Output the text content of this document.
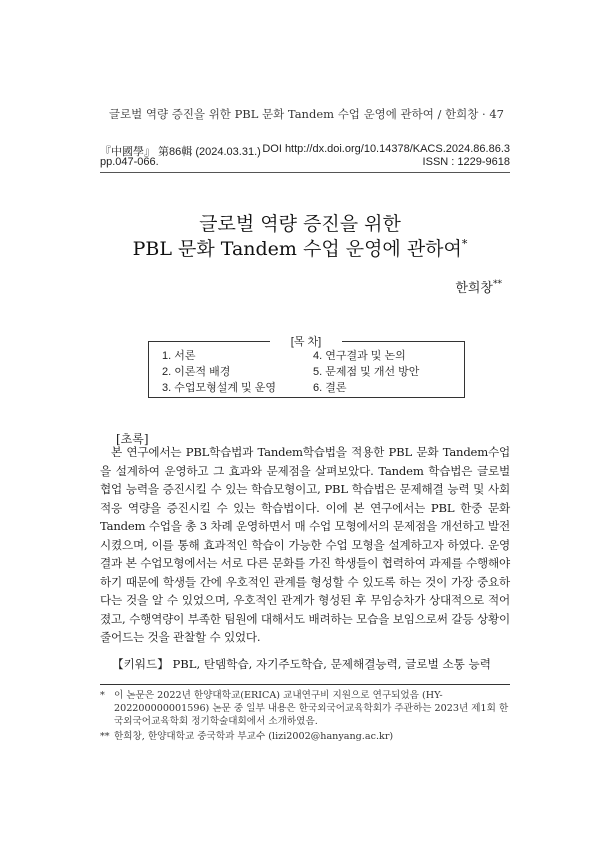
글로벌 역량 증진을 위한 PBL 문화 Tandem 수업 운영에 관하여 / 한희창 · 47
『中國學』 第86輯 (2024.03.31.) DOI http://dx.doi.org/10.14378/KACS.2024.86.86.3
pp.047-066.	ISSN : 1229-9618
글로벌 역량 증진을 위한
PBL 문화 Tandem 수업 운영에 관하여*
한희창**
[목 차]
1. 서론
2. 이론적 배경
3. 수업모형설계 및 운영
4. 연구결과 및 논의
5. 문제점 및 개선 방안
6. 결론
[초록]
본 연구에서는 PBL학습법과 Tandem학습법을 적용한 PBL 문화 Tandem수업을 설계하여 운영하고 그 효과와 문제점을 살펴보았다. Tandem 학습법은 글로벌 협업 능력을 증진시킬 수 있는 학습모형이고, PBL 학습법은 문제해결 능력 및 사회적응 역량을 증진시킬 수 있는 학습법이다. 이에 본 연구에서는 PBL 한중 문화 Tandem 수업을 총 3 차례 운영하면서 매 수업 모형에서의 문제점을 개선하고 발전시켰으며, 이를 통해 효과적인 학습이 가능한 수업 모형을 설계하고자 하였다. 운영결과 본 수업모형에서는 서로 다른 문화를 가진 학생들이 협력하여 과제를 수행해야하기 때문에 학생들 간에 우호적인 관계를 형성할 수 있도록 하는 것이 가장 중요하다는 것을 알 수 있었으며, 우호적인 관계가 형성된 후 무임승차가 상대적으로 적어졌고, 수행역량이 부족한 팀원에 대해서도 배려하는 모습을 보임으로써 갈등 상황이 줄어드는 것을 관찰할 수 있었다.
【키워드】 PBL, 탄뎀학습, 자기주도학습, 문제해결능력, 글로벌 소통 능력
* 이 논문은 2022년 한양대학교(ERICA) 교내연구비 지원으로 연구되었음 (HY-202200000001596) 논문 중 일부 내용은 한국외국어교육학회가 주관하는 2023년 제1회 한국외국어교육학회 정기학술대회에서 소개하였음.
** 한희창, 한양대학교 중국학과 부교수 (lizi2002@hanyang.ac.kr)
